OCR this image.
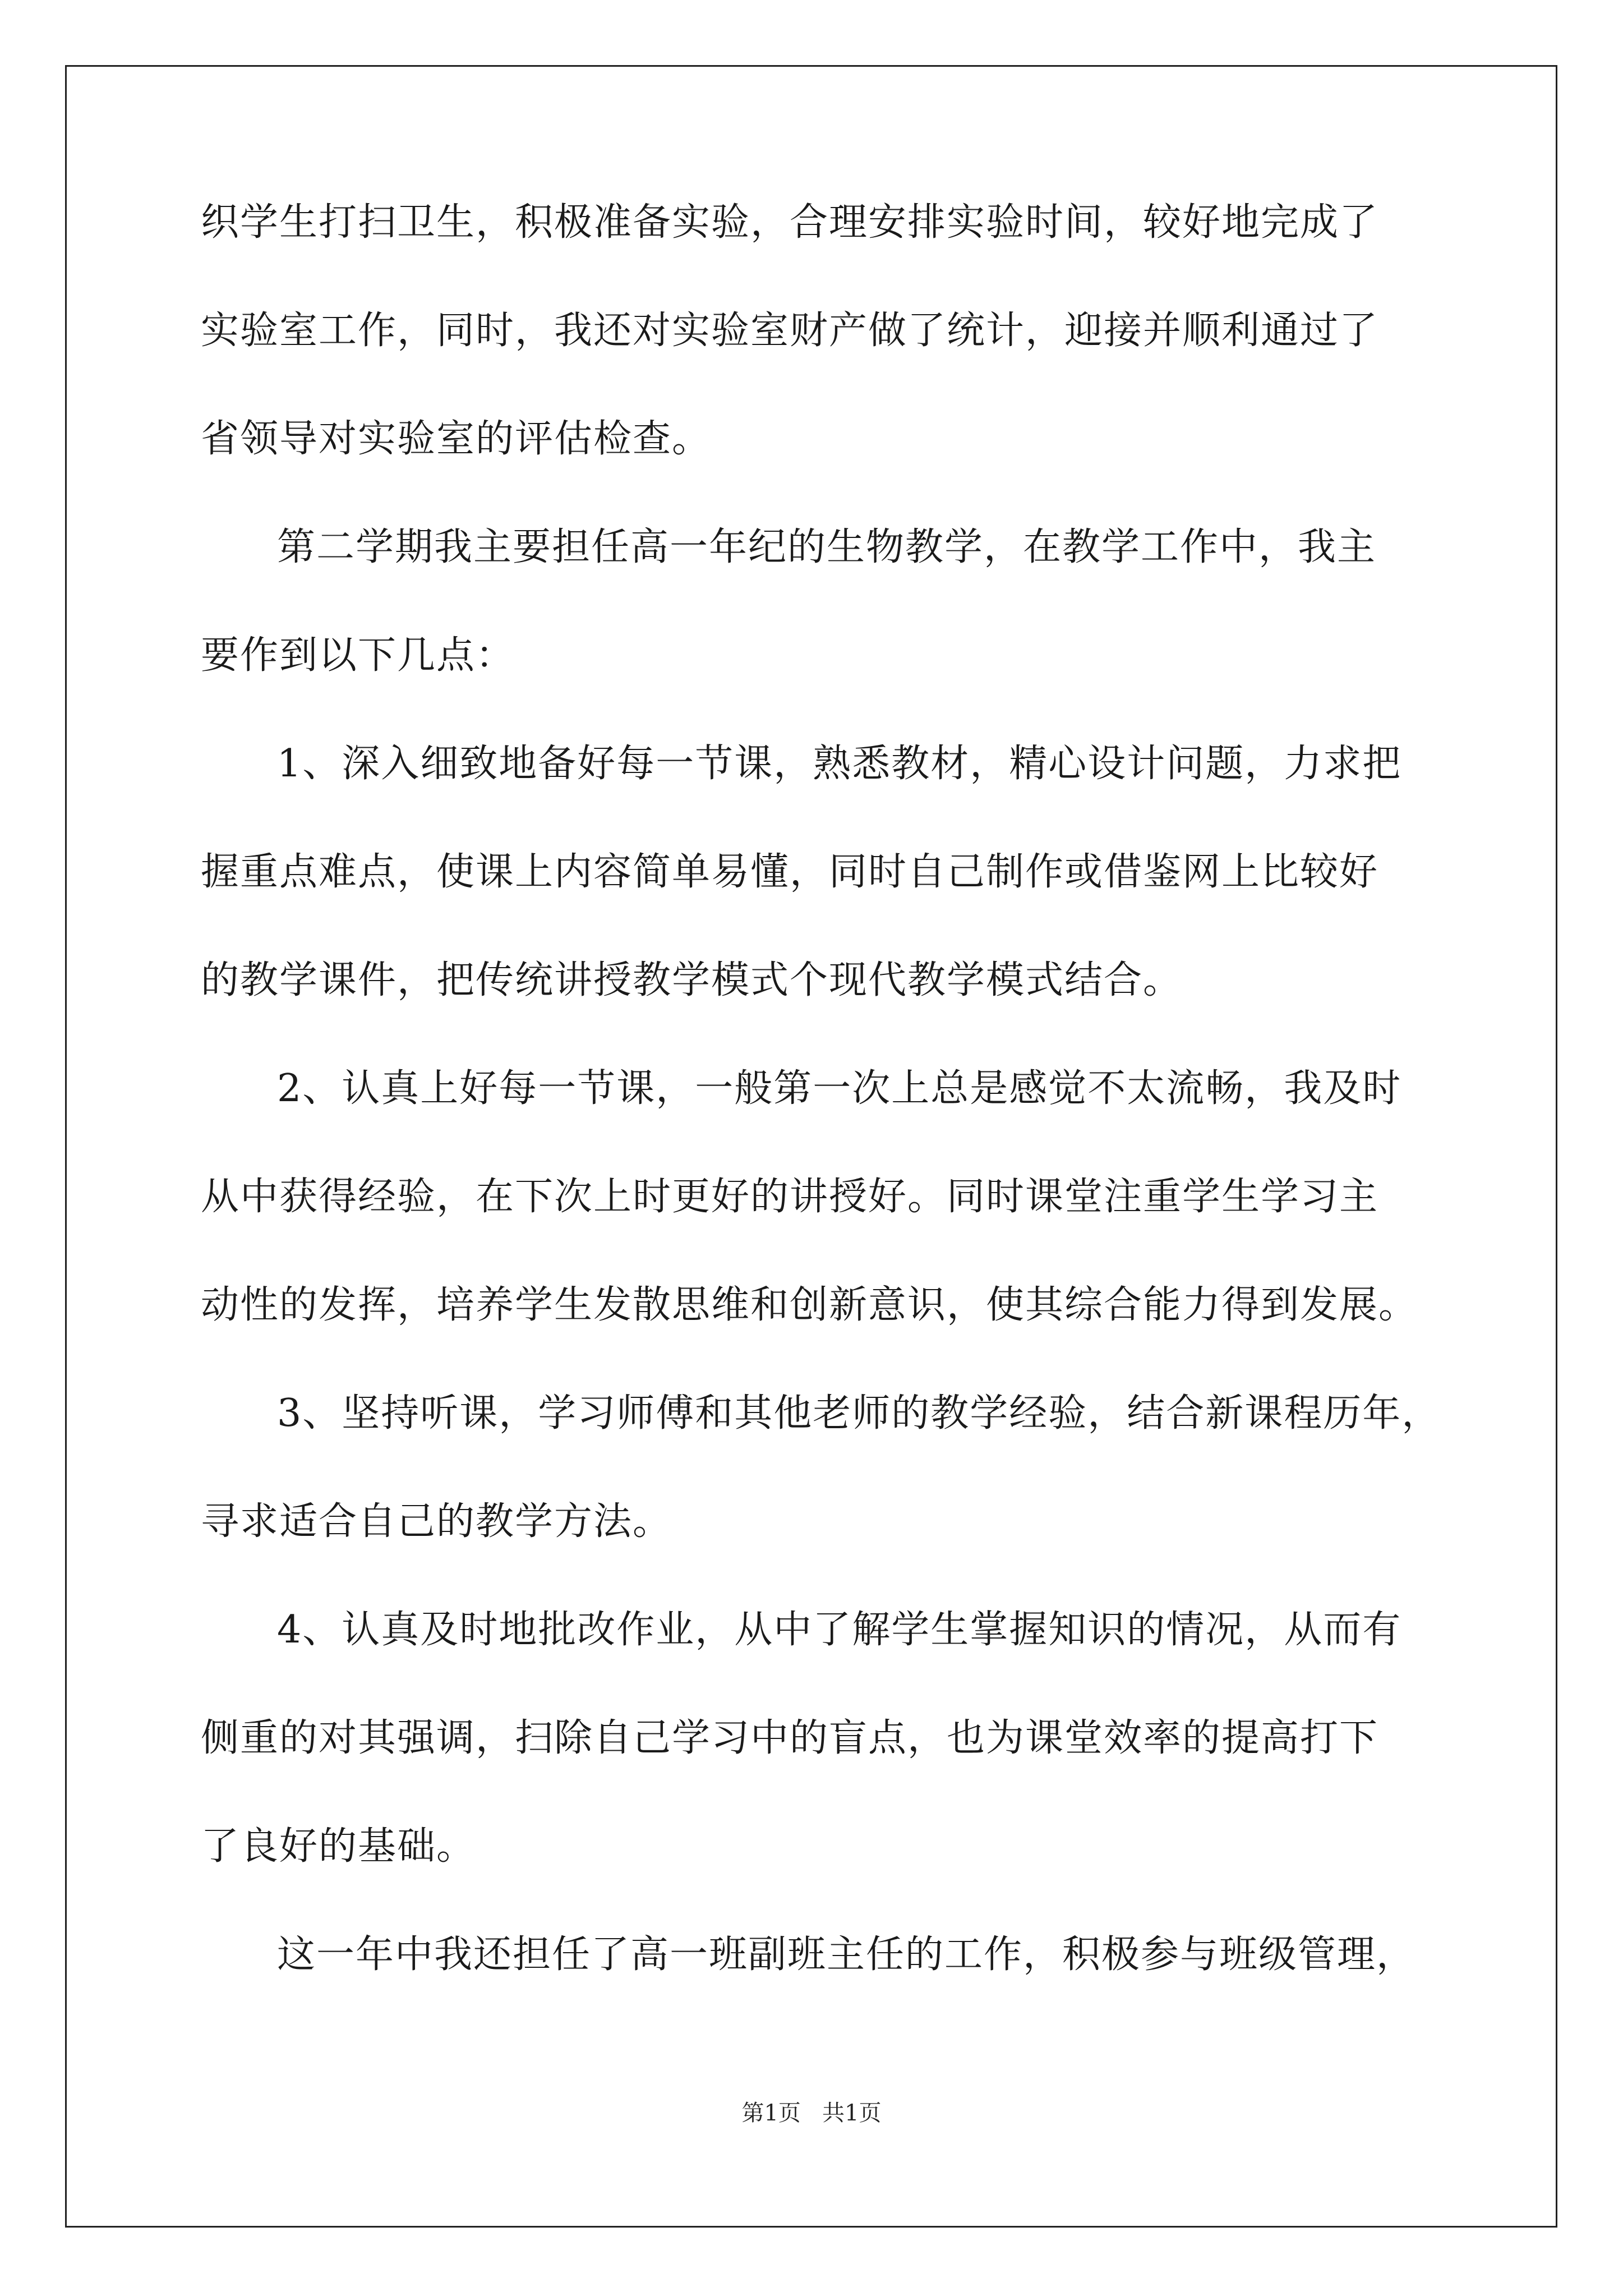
织学生打扫卫生，积极准备实验，合理安排实验时间，较好地完成了
实验室工作，同时，我还对实验室财产做了统计，迎接并顺利通过了
省领导对实验室的评估检查。
第二学期我主要担任高一年纪的生物教学，在教学工作中，我主
要作到以下几点：
1、深入细致地备好每一节课，熟悉教材，精心设计问题，力求把
握重点难点，使课上内容简单易懂，同时自己制作或借鉴网上比较好
的教学课件，把传统讲授教学模式个现代教学模式结合。
2、认真上好每一节课，一般第一次上总是感觉不太流畅，我及时
从中获得经验，在下次上时更好的讲授好。同时课堂注重学生学习主
动性的发挥，培养学生发散思维和创新意识，使其综合能力得到发展。
3、坚持听课，学习师傅和其他老师的教学经验，结合新课程历年，
寻求适合自己的教学方法。
4、认真及时地批改作业，从中了解学生掌握知识的情况，从而有
侧重的对其强调，扫除自己学习中的盲点，也为课堂效率的提高打下
了良好的基础。
这一年中我还担任了高一班副班主任的工作，积极参与班级管理，
第1页   共1页
